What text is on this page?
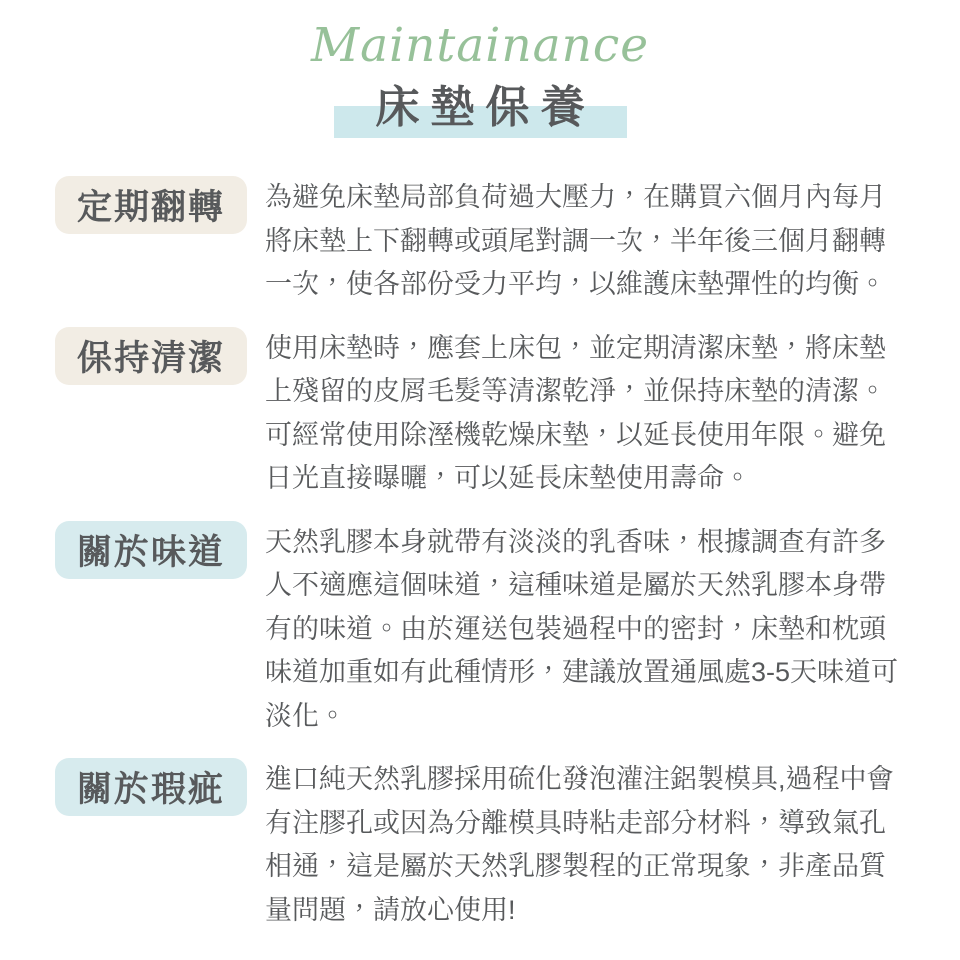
Maintainance
床墊保養
定期翻轉	為避免床墊局部負荷過大壓力，在購買六個月內每月
將床墊上下翻轉或頭尾對調一次，半年後三個月翻轉
一次，使各部份受力平均，以維護床墊彈性的均衡。
保持清潔	使用床墊時，應套上床包，並定期清潔床墊，將床墊
上殘留的皮屑毛髮等清潔乾淨，並保持床墊的清潔。
可經常使用除溼機乾燥床墊，以延長使用年限。避免
日光直接曝曬，可以延長床墊使用壽命。
關於味道	天然乳膠本身就帶有淡淡的乳香味，根據調查有許多
人不適應這個味道，這種味道是屬於天然乳膠本身帶
有的味道。由於運送包裝過程中的密封，床墊和枕頭
味道加重如有此種情形，建議放置通風處3-5天味道可
淡化。
關於瑕疵	進口純天然乳膠採用硫化發泡灌注鋁製模具,過程中會
有注膠孔或因為分離模具時粘走部分材料，導致氣孔
相通，這是屬於天然乳膠製程的正常現象，非產品質
量問題，請放心使用!
